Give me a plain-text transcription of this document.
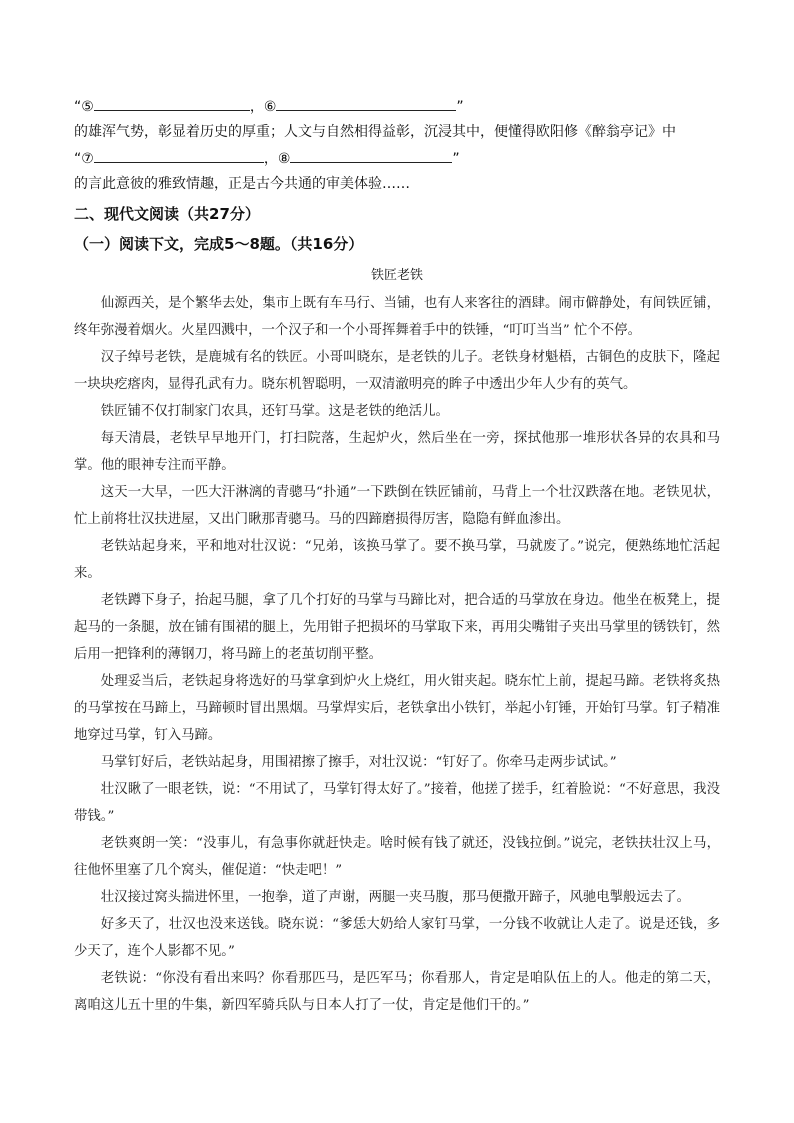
“⑤	，⑥	”
的雄浑气势，彰显着历史的厚重；人文与自然相得益彰，沉浸其中，便懂得欧阳修《醉翁亭记》中
“⑦	，⑧	”
的言此意彼的雅致情趣，正是古今共通的审美体验……
二、现代文阅读（共27分）
（一）阅读下文，完成5～8题。（共16分）
铁匠老铁

仙源西关，是个繁华去处，集市上既有车马行、当铺，也有人来客往的酒肆。闹市僻静处，有间铁匠铺，终年弥漫着烟火。火星四溅中，一个汉子和一个小哥挥舞着手中的铁锤，“叮叮当当” 忙个不停。

汉子绰号老铁，是鹿城有名的铁匠。小哥叫晓东，是老铁的儿子。老铁身材魁梧，古铜色的皮肤下，隆起一块块疙瘩肉，显得孔武有力。晓东机智聪明，一双清澈明亮的眸子中透出少年人少有的英气。

铁匠铺不仅打制家门农具，还钉马掌。这是老铁的绝活儿。

每天清晨，老铁早早地开门，打扫院落，生起炉火，然后坐在一旁，探拭他那一堆形状各异的农具和马掌。他的眼神专注而平静。

这天一大早，一匹大汗淋漓的青骢马“扑通”一下跌倒在铁匠铺前，马背上一个壮汉跌落在地。老铁见状，忙上前将壮汉扶进屋，又出门瞅那青骢马。马的四蹄磨损得厉害，隐隐有鲜血渗出。

老铁站起身来，平和地对壮汉说：“兄弟，该换马掌了。要不换马掌，马就废了。”说完，便熟练地忙活起来。

老铁蹲下身子，抬起马腿，拿了几个打好的马掌与马蹄比对，把合适的马掌放在身边。他坐在板凳上，提起马的一条腿，放在铺有围裙的腿上，先用钳子把损坏的马掌取下来，再用尖嘴钳子夹出马掌里的锈铁钉，然后用一把锋利的薄钢刀，将马蹄上的老茧切削平整。

处理妥当后，老铁起身将选好的马掌拿到炉火上烧红，用火钳夹起。晓东忙上前，提起马蹄。老铁将炙热的马掌按在马蹄上，马蹄顿时冒出黑烟。马掌焊实后，老铁拿出小铁钉，举起小钉锤，开始钉马掌。钉子精准地穿过马掌，钉入马蹄。

马掌钉好后，老铁站起身，用围裙擦了擦手，对壮汉说：“钉好了。你牵马走两步试试。”

壮汉瞅了一眼老铁，说：“不用试了，马掌钉得太好了。”接着，他搓了搓手，红着脸说：“不好意思，我没带钱。”

老铁爽朗一笑：“没事儿，有急事你就赶快走。啥时候有钱了就还，没钱拉倒。”说完，老铁扶壮汉上马，往他怀里塞了几个窝头，催促道：“快走吧！”

壮汉接过窝头揣进怀里，一抱拳，道了声谢，两腿一夹马腹，那马便撒开蹄子，风驰电掣般远去了。

好多天了，壮汉也没来送钱。晓东说：“爹恁大奶给人家钉马掌，一分钱不收就让人走了。说是还钱，多少天了，连个人影都不见。”

老铁说：“你没有看出来吗？你看那匹马，是匹军马；你看那人，肯定是咱队伍上的人。他走的第二天，离咱这儿五十里的牛集，新四军骑兵队与日本人打了一仗，肯定是他们干的。”
